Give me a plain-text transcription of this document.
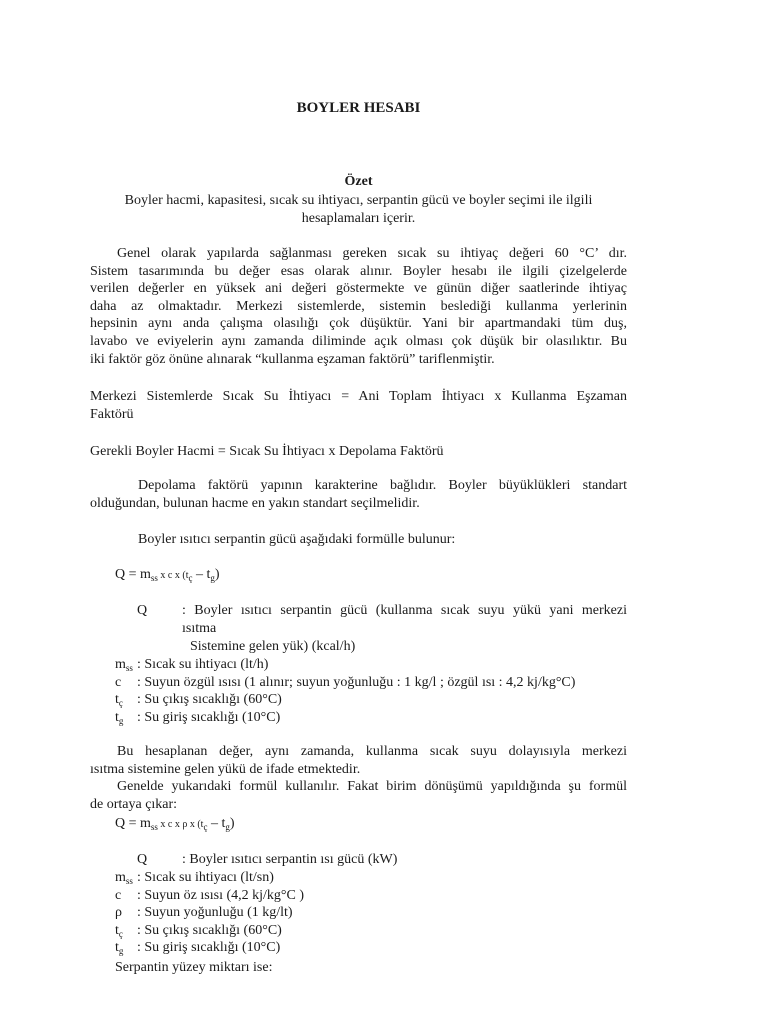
BOYLER HESABI
Özet
Boyler hacmi, kapasitesi, sıcak su ihtiyacı, serpantin gücü ve boyler seçimi ile ilgili
hesaplamaları içerir.
Genel olarak yapılarda sağlanması gereken sıcak su ihtiyaç değeri 60 °C’ dır.
Sistem tasarımında bu değer esas olarak alınır. Boyler hesabı ile ilgili çizelgelerde
verilen değerler en yüksek ani değeri göstermekte ve günün diğer saatlerinde ihtiyaç
daha az olmaktadır. Merkezi sistemlerde, sistemin beslediği kullanma yerlerinin
hepsinin aynı anda çalışma olasılığı çok düşüktür. Yani bir apartmandaki tüm duş,
lavabo ve eviyelerin aynı zamanda diliminde açık olması çok düşük bir olasılıktır. Bu
iki faktör göz önüne alınarak “kullanma eşzaman faktörü” tariflenmiştir.
Merkezi Sistemlerde Sıcak Su İhtiyacı = Ani Toplam İhtiyacı x Kullanma Eşzaman
Faktörü
Gerekli Boyler Hacmi = Sıcak Su İhtiyacı x Depolama Faktörü
Depolama faktörü yapının karakterine bağlıdır. Boyler büyüklükleri standart
olduğundan, bulunan hacme en yakın standart seçilmelidir.
Boyler ısıtıcı serpantin gücü aşağıdaki formülle bulunur:
$Q = m_{ss}$ x c x $(t_ç - t_g)$
Q : Boyler ısıtıcı serpantin gücü (kullanma sıcak suyu yükü yani merkezi
ısıtma
Sistemine gelen yük) (kcal/h)
$m_{ss}$ : Sıcak su ihtiyacı (lt/h)
c : Suyun özgül ısısı (1 alınır; suyun yoğunluğu : 1 kg/l ; özgül ısı : 4,2 kj/kg°C)
$t_ç$ : Su çıkış sıcaklığı (60°C)
$t_g$ : Su giriş sıcaklığı (10°C)
Bu hesaplanan değer, aynı zamanda, kullanma sıcak suyu dolayısıyla merkezi
ısıtma sistemine gelen yükü de ifade etmektedir.
Genelde yukarıdaki formül kullanılır. Fakat birim dönüşümü yapıldığında şu formül
de ortaya çıkar:
$Q = m_{ss}$ x c x ρ x $(t_ç - t_g)$
Q : Boyler ısıtıcı serpantin ısı gücü (kW)
$m_{ss}$ : Sıcak su ihtiyacı (lt/sn)
c : Suyun öz ısısı (4,2 kj/kg°C )
ρ : Suyun yoğunluğu (1 kg/lt)
$t_ç$ : Su çıkış sıcaklığı (60°C)
$t_g$ : Su giriş sıcaklığı (10°C)
Serpantin yüzey miktarı ise:
